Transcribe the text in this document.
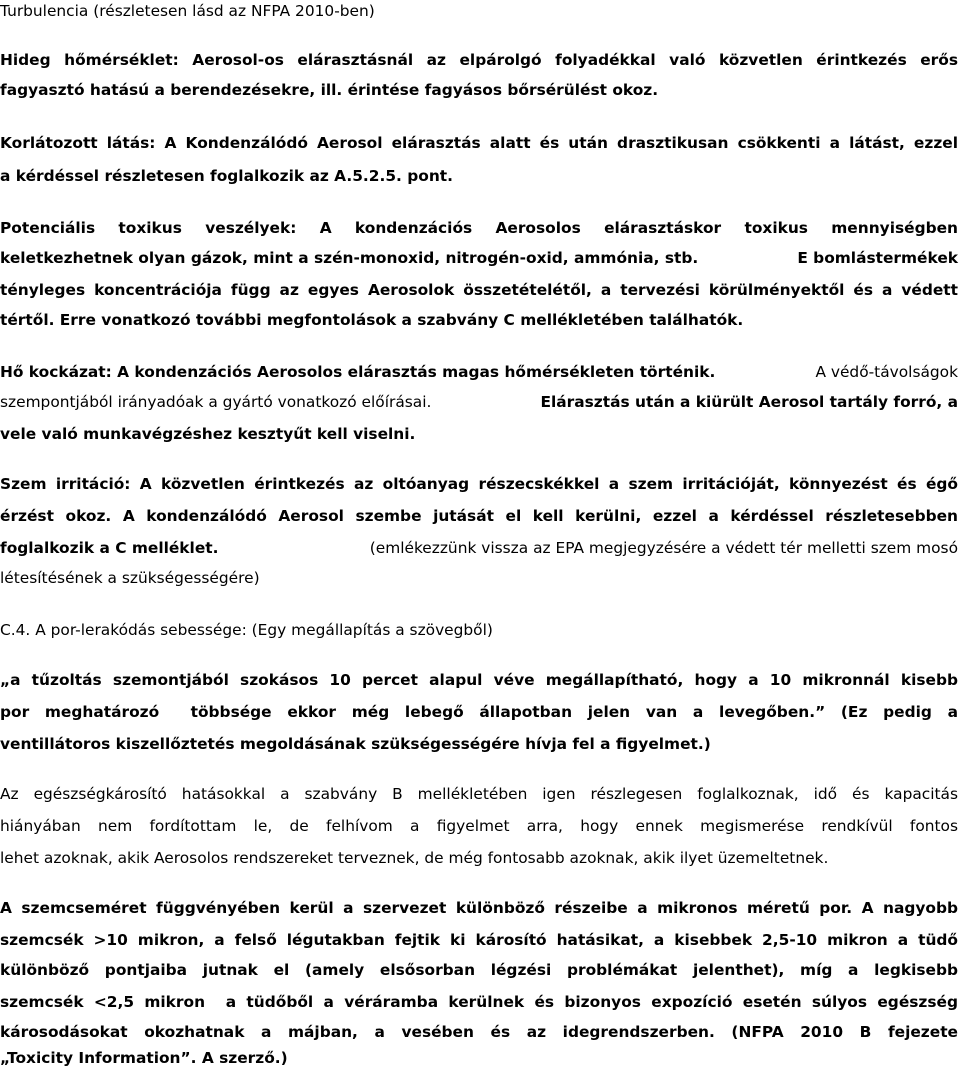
Turbulencia (részletesen lásd az NFPA 2010-ben)
Hideg hőmérséklet: Aerosol-os elárasztásnál az elpárolgó folyadékkal való közvetlen érintkezés erős
fagyasztó hatású a berendezésekre, ill. érintése fagyásos bőrsérülést okoz.
Korlátozott látás: A Kondenzálódó Aerosol elárasztás alatt és után drasztikusan csökkenti a látást, ezzel
a kérdéssel részletesen foglalkozik az A.5.2.5. pont.
Potenciális toxikus veszélyek: A kondenzációs Aerosolos elárasztáskor toxikus mennyiségben
keletkezhetnek olyan gázok, mint a szén-monoxid, nitrogén-oxid, ammónia, stb.	E bomlástermékek
tényleges koncentrációja függ az egyes Aerosolok összetételétől, a tervezési körülményektől és a védett
tértől. Erre vonatkozó további megfontolások a szabvány C mellékletében találhatók.
Hő kockázat: A kondenzációs Aerosolos elárasztás magas hőmérsékleten történik.	A védő-távolságok
szempontjából irányadóak a gyártó vonatkozó előírásai.	Elárasztás után a kiürült Aerosol tartály forró, a
vele való munkavégzéshez kesztyűt kell viselni.
Szem irritáció: A közvetlen érintkezés az oltóanyag részecskékkel a szem irritációját, könnyezést és égő
érzést okoz. A kondenzálódó Aerosol szembe jutását el kell kerülni, ezzel a kérdéssel részletesebben
foglalkozik a C melléklet.	(emlékezzünk vissza az EPA megjegyzésére a védett tér melletti szem mosó
létesítésének a szükségességére)
C.4. A por-lerakódás sebessége: (Egy megállapítás a szövegből)
„a tűzoltás szemontjából szokásos 10 percet alapul véve megállapítható, hogy a 10 mikronnál kisebb
por meghatározó  többsége ekkor még lebegő állapotban jelen van a levegőben.” (Ez pedig a
ventillátoros kiszellőztetés megoldásának szükségességére hívja fel a figyelmet.)
Az egészségkárosító hatásokkal a szabvány B mellékletében igen részlegesen foglalkoznak, idő és kapacitás
hiányában nem fordítottam le, de felhívom a figyelmet arra, hogy ennek megismerése rendkívül fontos
lehet azoknak, akik Aerosolos rendszereket terveznek, de még fontosabb azoknak, akik ilyet üzemeltetnek.
A szemcseméret függvényében kerül a szervezet különböző részeibe a mikronos méretű por. A nagyobb
szemcsék >10 mikron, a felső légutakban fejtik ki károsító hatásikat, a kisebbek 2,5-10 mikron a tüdő
különböző pontjaiba jutnak el (amely elsősorban légzési problémákat jelenthet), míg a legkisebb
szemcsék <2,5 mikron  a tüdőből a véráramba kerülnek és bizonyos expozíció esetén súlyos egészség
károsodásokat okozhatnak a májban, a vesében és az idegrendszerben. (NFPA 2010 B fejezete
„Toxicity Information”. A szerző.)
